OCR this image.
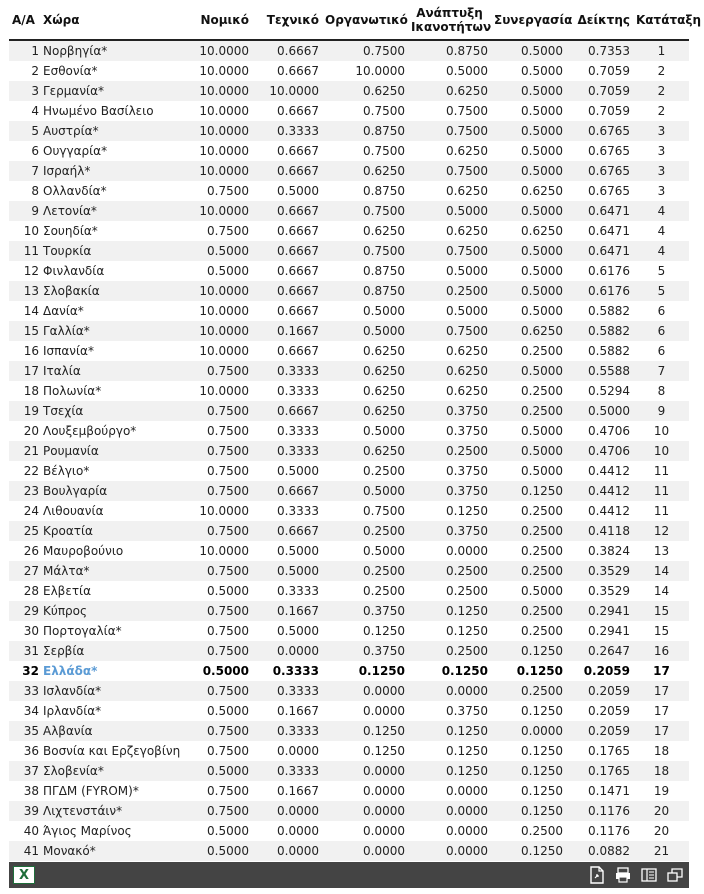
Α/Α	Χώρα	Νομικό	Τεχνικό	Οργανωτικό	Ανάπτυξη Ικανοτήτων	Συνεργασία	Δείκτης	Κατάταξη
1	Νορβηγία*	10.0000	0.6667	0.7500	0.8750	0.5000	0.7353	1
2	Εσθονία*	10.0000	0.6667	10.0000	0.5000	0.5000	0.7059	2
3	Γερμανία*	10.0000	10.0000	0.6250	0.6250	0.5000	0.7059	2
4	Ηνωμένο Βασίλειο	10.0000	0.6667	0.7500	0.7500	0.5000	0.7059	2
5	Αυστρία*	10.0000	0.3333	0.8750	0.7500	0.5000	0.6765	3
6	Ουγγαρία*	10.0000	0.6667	0.7500	0.6250	0.5000	0.6765	3
7	Ισραήλ*	10.0000	0.6667	0.6250	0.7500	0.5000	0.6765	3
8	Ολλανδία*	0.7500	0.5000	0.8750	0.6250	0.6250	0.6765	3
9	Λετονία*	10.0000	0.6667	0.7500	0.5000	0.5000	0.6471	4
10	Σουηδία*	0.7500	0.6667	0.6250	0.6250	0.6250	0.6471	4
11	Τουρκία	0.5000	0.6667	0.7500	0.7500	0.5000	0.6471	4
12	Φινλανδία	0.5000	0.6667	0.8750	0.5000	0.5000	0.6176	5
13	Σλοβακία	10.0000	0.6667	0.8750	0.2500	0.5000	0.6176	5
14	Δανία*	10.0000	0.6667	0.5000	0.5000	0.5000	0.5882	6
15	Γαλλία*	10.0000	0.1667	0.5000	0.7500	0.6250	0.5882	6
16	Ισπανία*	10.0000	0.6667	0.6250	0.6250	0.2500	0.5882	6
17	Ιταλία	0.7500	0.3333	0.6250	0.6250	0.5000	0.5588	7
18	Πολωνία*	10.0000	0.3333	0.6250	0.6250	0.2500	0.5294	8
19	Τσεχία	0.7500	0.6667	0.6250	0.3750	0.2500	0.5000	9
20	Λουξεμβούργο*	0.7500	0.3333	0.5000	0.3750	0.5000	0.4706	10
21	Ρουμανία	0.7500	0.3333	0.6250	0.2500	0.5000	0.4706	10
22	Βέλγιο*	0.7500	0.5000	0.2500	0.3750	0.5000	0.4412	11
23	Βουλγαρία	0.7500	0.6667	0.5000	0.3750	0.1250	0.4412	11
24	Λιθουανία	10.0000	0.3333	0.7500	0.1250	0.2500	0.4412	11
25	Κροατία	0.7500	0.6667	0.2500	0.3750	0.2500	0.4118	12
26	Μαυροβούνιο	10.0000	0.5000	0.5000	0.0000	0.2500	0.3824	13
27	Μάλτα*	0.7500	0.5000	0.2500	0.2500	0.2500	0.3529	14
28	Ελβετία	0.5000	0.3333	0.2500	0.2500	0.5000	0.3529	14
29	Κύπρος	0.7500	0.1667	0.3750	0.1250	0.2500	0.2941	15
30	Πορτογαλία*	0.7500	0.5000	0.1250	0.1250	0.2500	0.2941	15
31	Σερβία	0.7500	0.0000	0.3750	0.2500	0.1250	0.2647	16
32	Ελλάδα*	0.5000	0.3333	0.1250	0.1250	0.1250	0.2059	17
33	Ισλανδία*	0.7500	0.3333	0.0000	0.0000	0.2500	0.2059	17
34	Ιρλανδία*	0.5000	0.1667	0.0000	0.3750	0.1250	0.2059	17
35	Αλβανία	0.7500	0.3333	0.1250	0.1250	0.0000	0.2059	17
36	Βοσνία και Ερζεγοβίνη	0.7500	0.0000	0.1250	0.1250	0.1250	0.1765	18
37	Σλοβενία*	0.5000	0.3333	0.0000	0.1250	0.1250	0.1765	18
38	ΠΓΔΜ (FYROM)*	0.7500	0.1667	0.0000	0.0000	0.1250	0.1471	19
39	Λιχτενστάιν*	0.7500	0.0000	0.0000	0.0000	0.1250	0.1176	20
40	Άγιος Μαρίνος	0.5000	0.0000	0.0000	0.0000	0.2500	0.1176	20
41	Μονακό*	0.5000	0.0000	0.0000	0.0000	0.1250	0.0882	21
X
